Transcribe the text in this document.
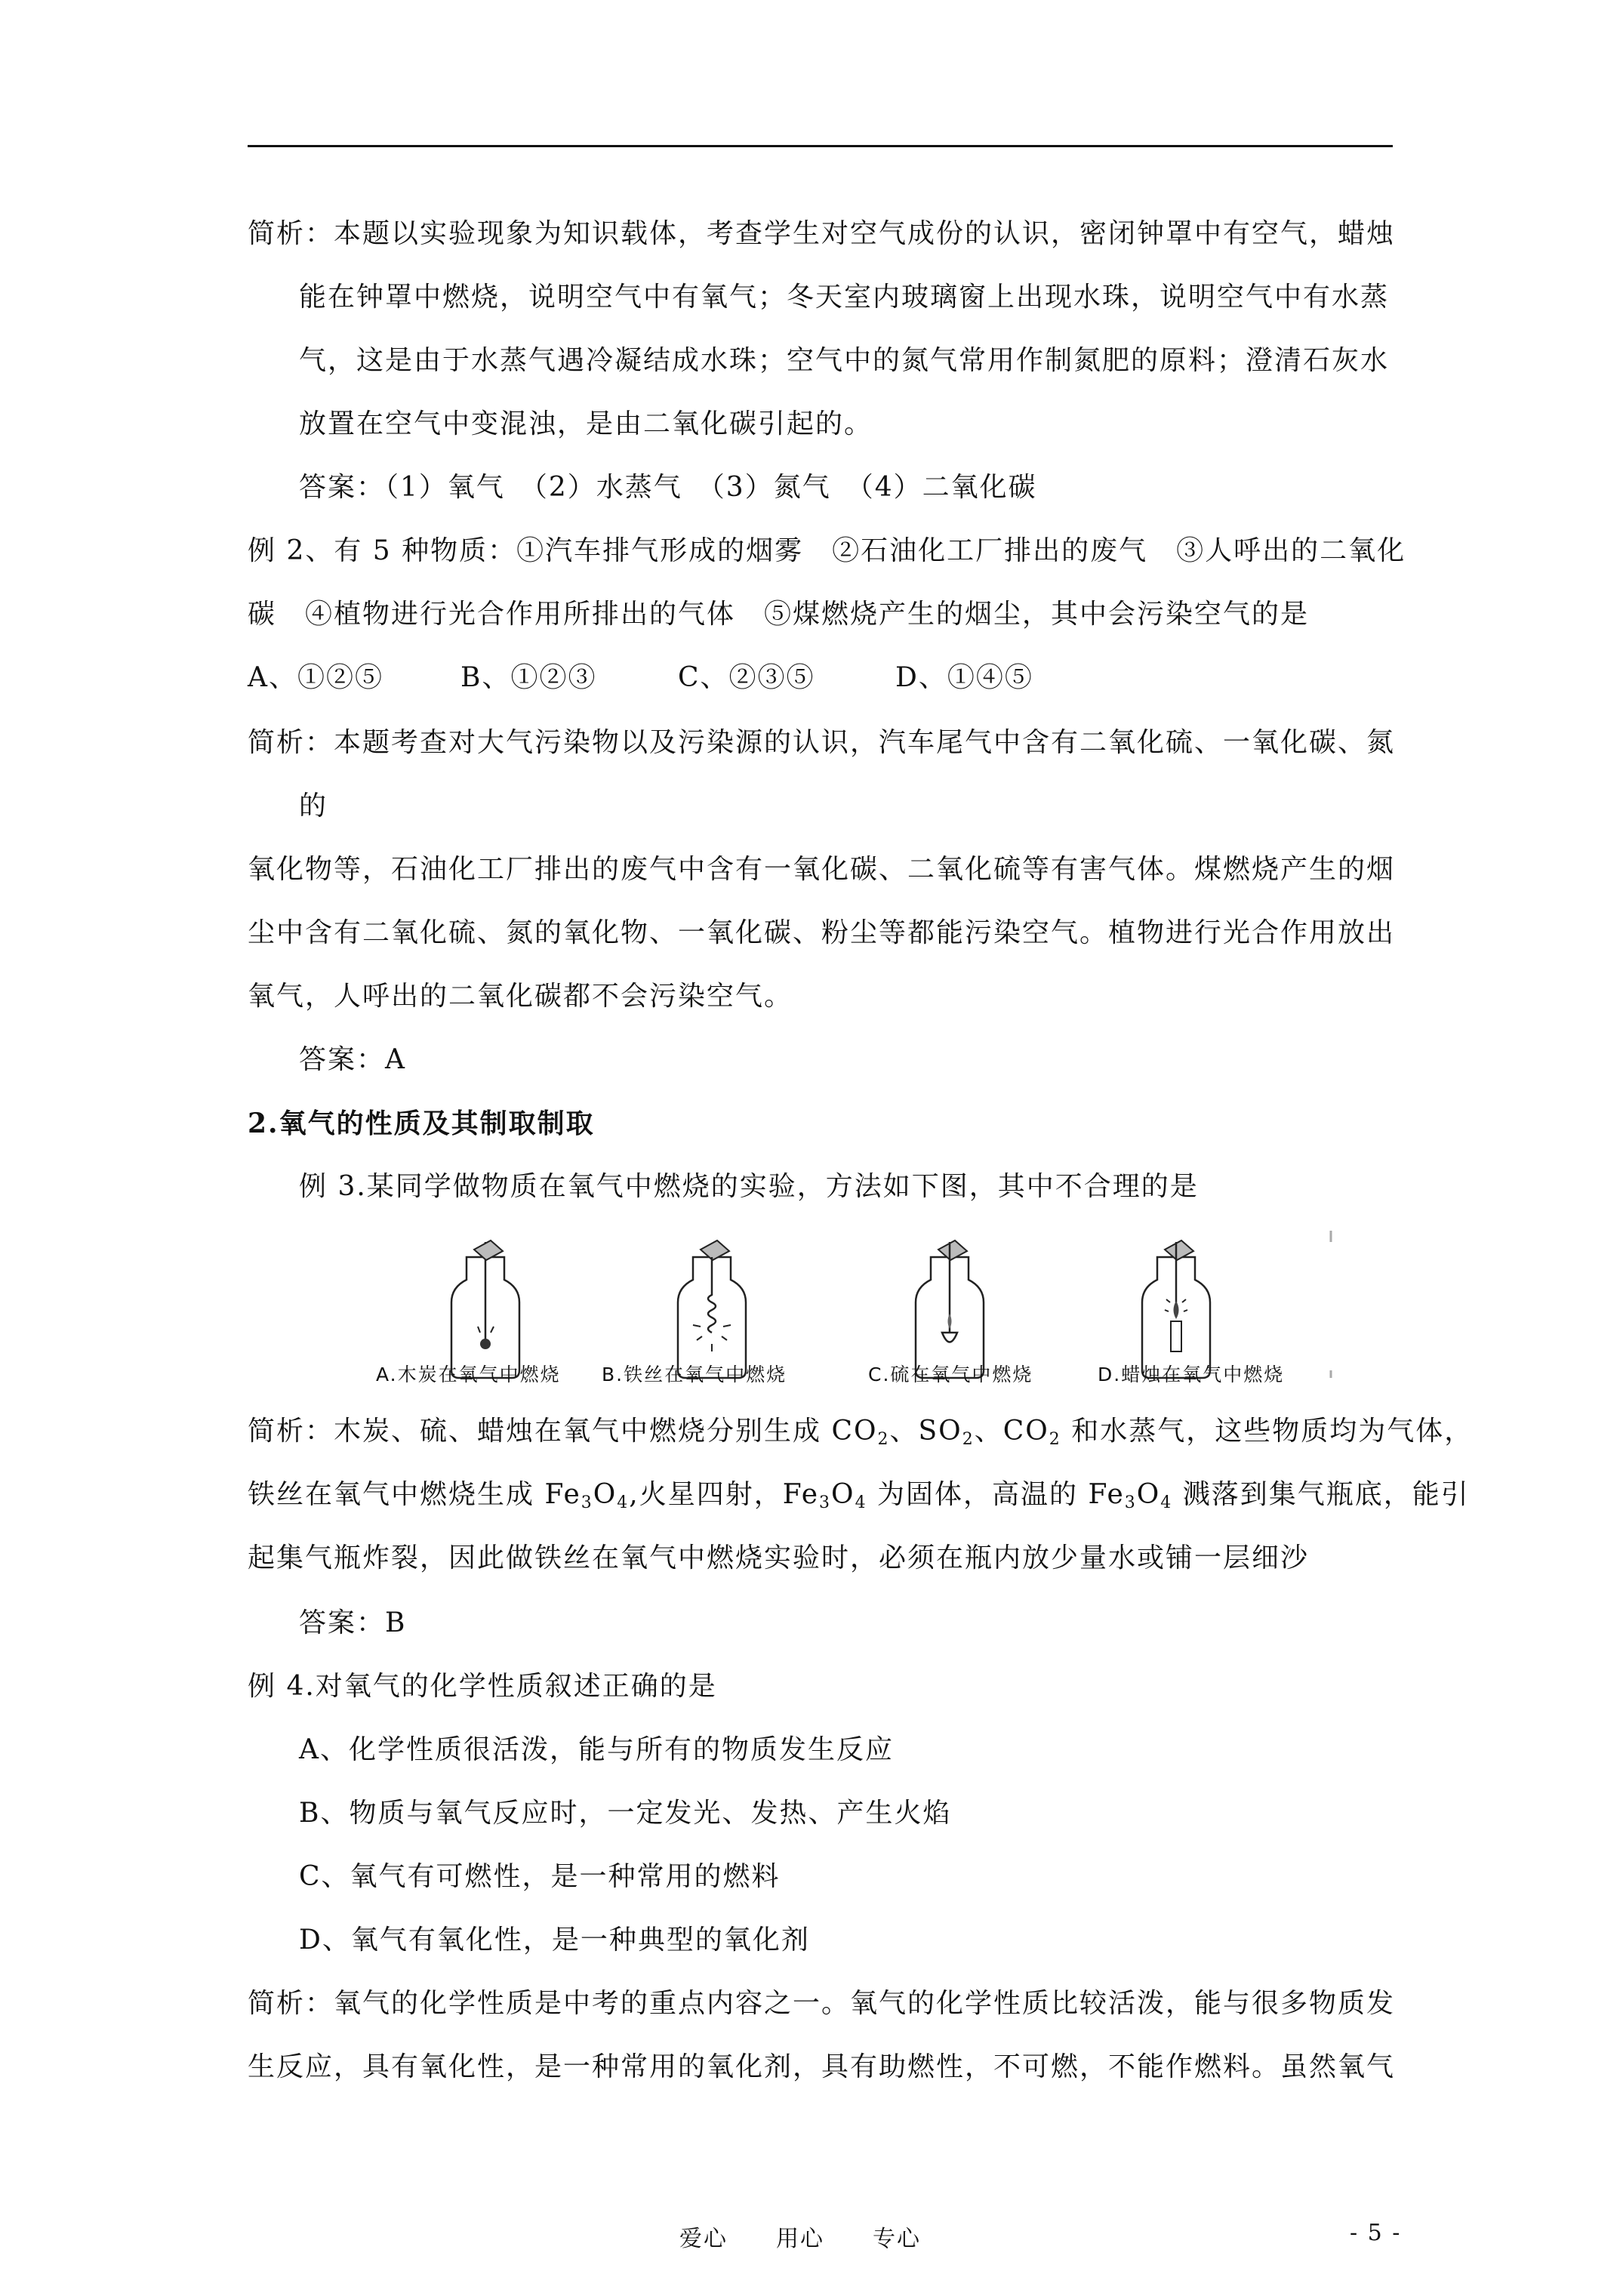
简析：本题以实验现象为知识载体，考查学生对空气成份的认识，密闭钟罩中有空气，蜡烛
能在钟罩中燃烧，说明空气中有氧气；冬天室内玻璃窗上出现水珠，说明空气中有水蒸
气，这是由于水蒸气遇冷凝结成水珠；空气中的氮气常用作制氮肥的原料；澄清石灰水
放置在空气中变混浊，是由二氧化碳引起的。
答案：（1）氧气　（2）水蒸气　（3）氮气　（4）二氧化碳
例 2、有 5 种物质：①汽车排气形成的烟雾　②石油化工厂排出的废气　③人呼出的二氧化
碳　④植物进行光合作用所排出的气体　⑤煤燃烧产生的烟尘，其中会污染空气的是
A、①②⑤	B、①②③	C、②③⑤	D、①④⑤
简析：本题考查对大气污染物以及污染源的认识，汽车尾气中含有二氧化硫、一氧化碳、氮
的
氧化物等，石油化工厂排出的废气中含有一氧化碳、二氧化硫等有害气体。煤燃烧产生的烟
尘中含有二氧化硫、氮的氧化物、一氧化碳、粉尘等都能污染空气。植物进行光合作用放出
氧气，人呼出的二氧化碳都不会污染空气。
答案：A
2.氧气的性质及其制取制取
例 3.某同学做物质在氧气中燃烧的实验，方法如下图，其中不合理的是
A.木炭在氧气中燃烧 B.铁丝在氧气中燃烧	C.硫在氧气中燃烧	D.蜡烛在氧气中燃烧
简析：木炭、硫、蜡烛在氧气中燃烧分别生成 $CO_2$、$SO_2$、$CO_2$ 和水蒸气，这些物质均为气体，
铁丝在氧气中燃烧生成 $Fe_3O_4$,火星四射，$Fe_3O_4$ 为固体，高温的 $Fe_3O_4$ 溅落到集气瓶底，能引
起集气瓶炸裂，因此做铁丝在氧气中燃烧实验时，必须在瓶内放少量水或铺一层细沙
答案：B
例 4.对氧气的化学性质叙述正确的是
A、化学性质很活泼，能与所有的物质发生反应
B、物质与氧气反应时，一定发光、发热、产生火焰
C、氧气有可燃性，是一种常用的燃料
D、氧气有氧化性，是一种典型的氧化剂
简析：氧气的化学性质是中考的重点内容之一。氧气的化学性质比较活泼，能与很多物质发
生反应，具有氧化性，是一种常用的氧化剂，具有助燃性，不可燃，不能作燃料。虽然氧气
爱心　　用心　　专心	- 5 -
